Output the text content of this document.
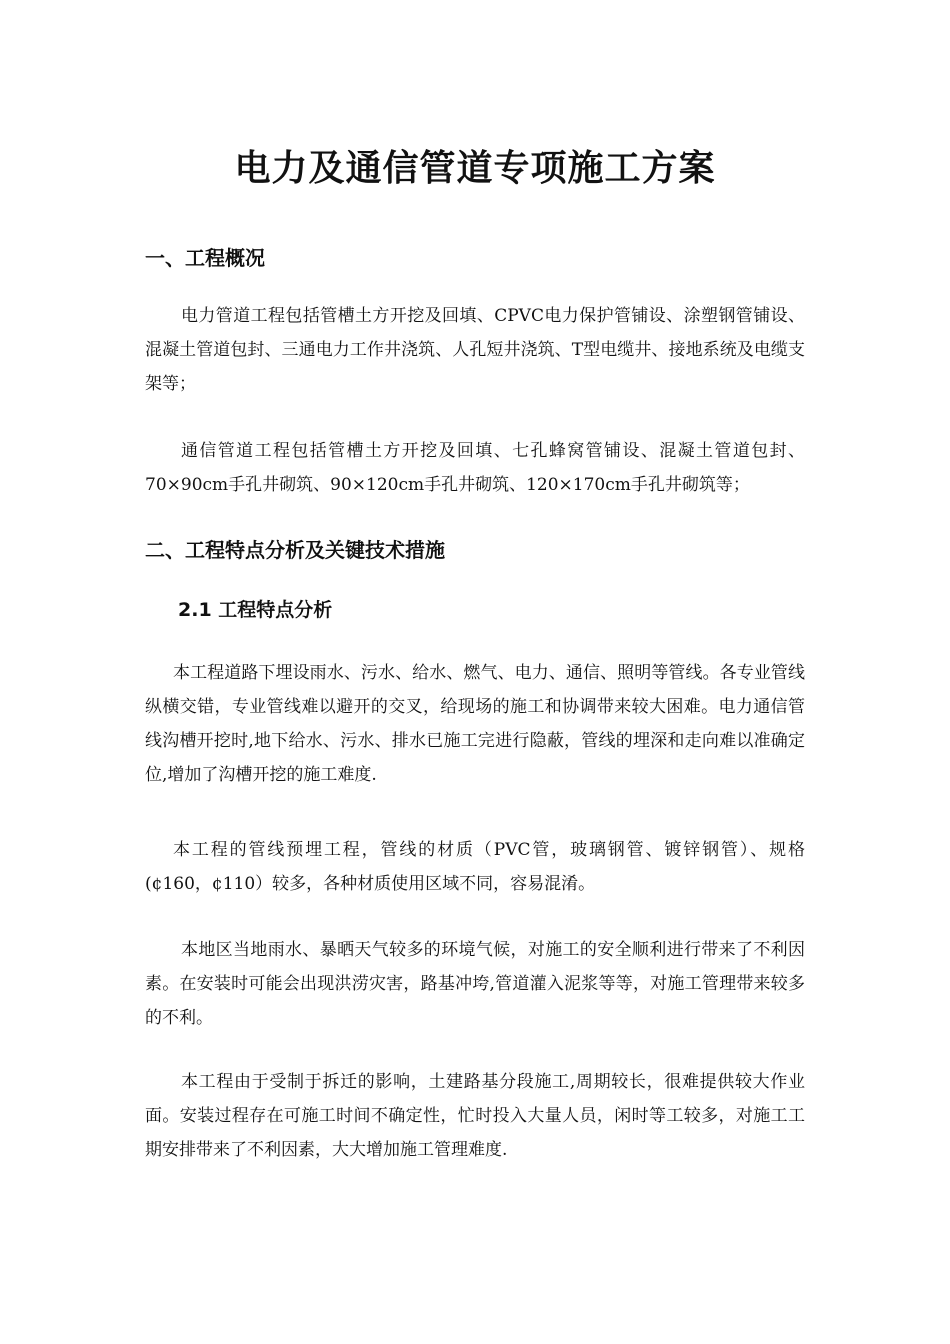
电力及通信管道专项施工方案
一、工程概况

电力管道工程包括管槽土方开挖及回填、CPVC电力保护管铺设、涂塑钢管铺设、混凝土管道包封、三通电力工作井浇筑、人孔短井浇筑、T型电缆井、接地系统及电缆支架等；

通信管道工程包括管槽土方开挖及回填、七孔蜂窝管铺设、混凝土管道包封、70×90cm手孔井砌筑、90×120cm手孔井砌筑、120×170cm手孔井砌筑等；

二、工程特点分析及关键技术措施
2.1 工程特点分析

本工程道路下埋设雨水、污水、给水、燃气、电力、通信、照明等管线。各专业管线纵横交错，专业管线难以避开的交叉，给现场的施工和协调带来较大困难。电力通信管线沟槽开挖时,地下给水、污水、排水已施工完进行隐蔽，管线的埋深和走向难以准确定位,增加了沟槽开挖的施工难度.

本工程的管线预埋工程，管线的材质（PVC管，玻璃钢管、镀锌钢管）、规格(¢160，¢110）较多，各种材质使用区域不同，容易混淆。

本地区当地雨水、暴晒天气较多的环境气候，对施工的安全顺利进行带来了不利因素。在安装时可能会出现洪涝灾害，路基冲垮,管道灌入泥浆等等，对施工管理带来较多的不利。

本工程由于受制于拆迁的影响，土建路基分段施工,周期较长，很难提供较大作业面。安装过程存在可施工时间不确定性，忙时投入大量人员，闲时等工较多，对施工工期安排带来了不利因素，大大增加施工管理难度.
